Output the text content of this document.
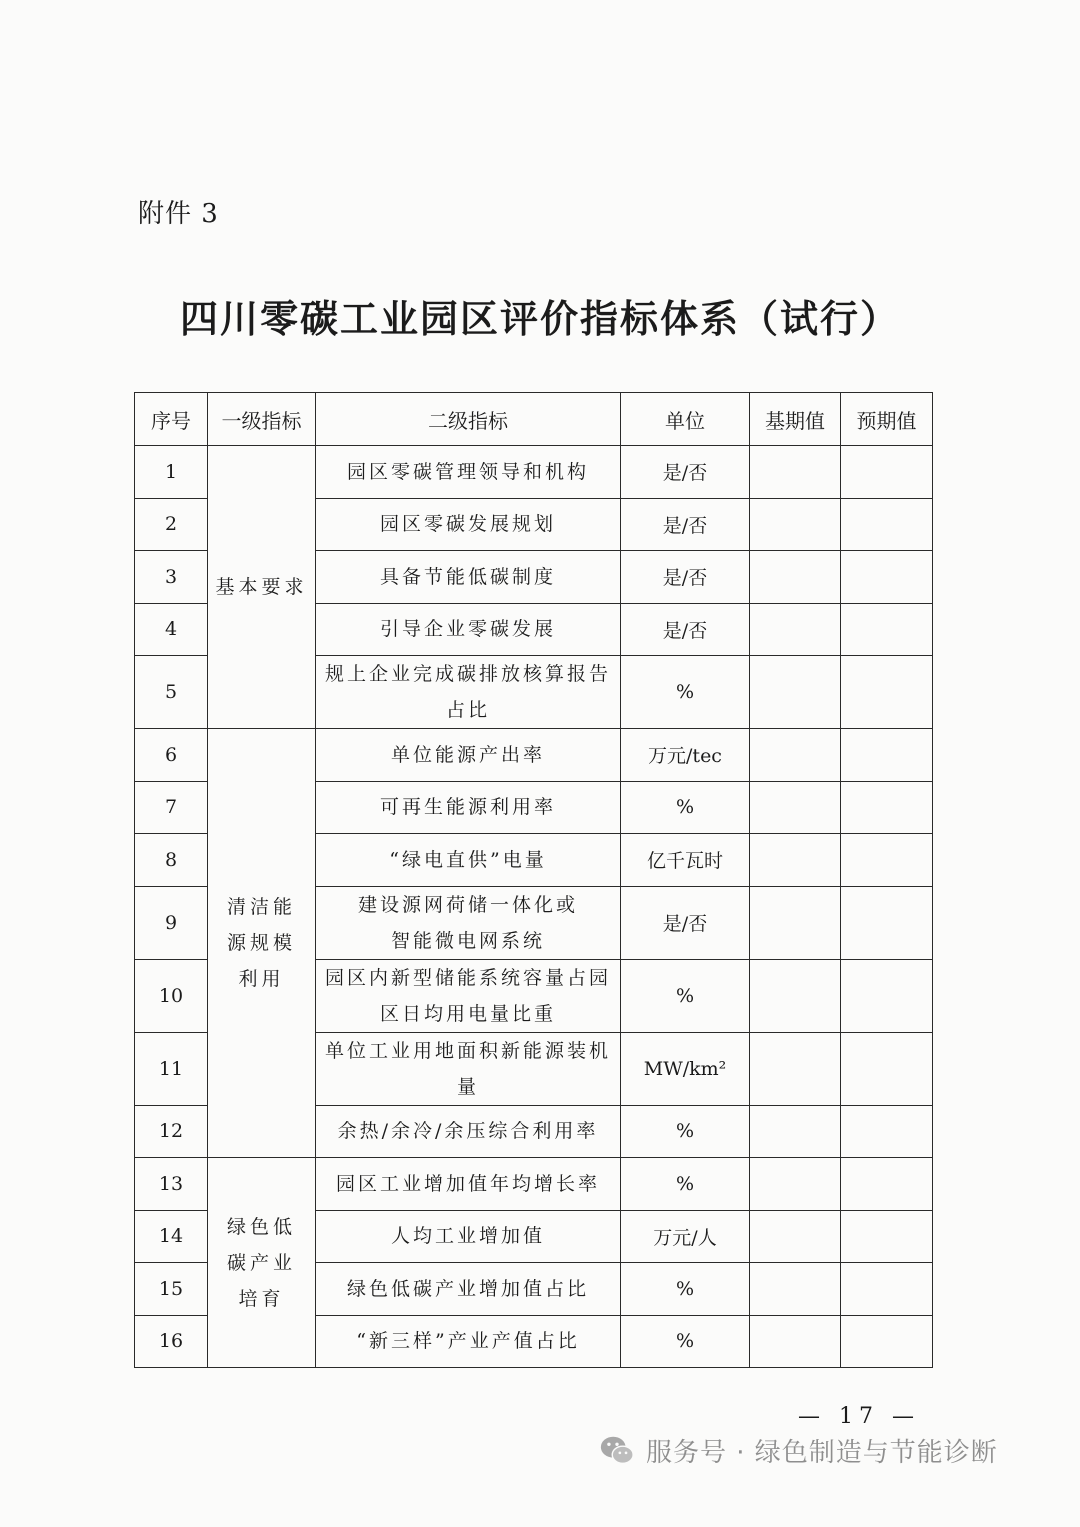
附件 3
四川零碳工业园区评价指标体系（试行）
序号	一级指标	二级指标	单位	基期值	预期值
1	基本要求	园区零碳管理领导和机构	是/否		
2		园区零碳发展规划	是/否		
3		具备节能低碳制度	是/否		
4		引导企业零碳发展	是/否		
5		规上企业完成碳排放核算报告占比	%		
6	清洁能源规模利用	单位能源产出率	万元/tec		
7		可再生能源利用率	%		
8		“绿电直供”电量	亿千瓦时		
9		建设源网荷储一体化或智能微电网系统	是/否		
10		园区内新型储能系统容量占园区日均用电量比重	%		
11		单位工业用地面积新能源装机量	MW/km²		
12		余热/余冷/余压综合利用率	%		
13	绿色低碳产业培育	园区工业增加值年均增长率	%		
14		人均工业增加值	万元/人		
15		绿色低碳产业增加值占比	%		
16		“新三样”产业产值占比	%		
— 17 —
服务号 · 绿色制造与节能诊断
